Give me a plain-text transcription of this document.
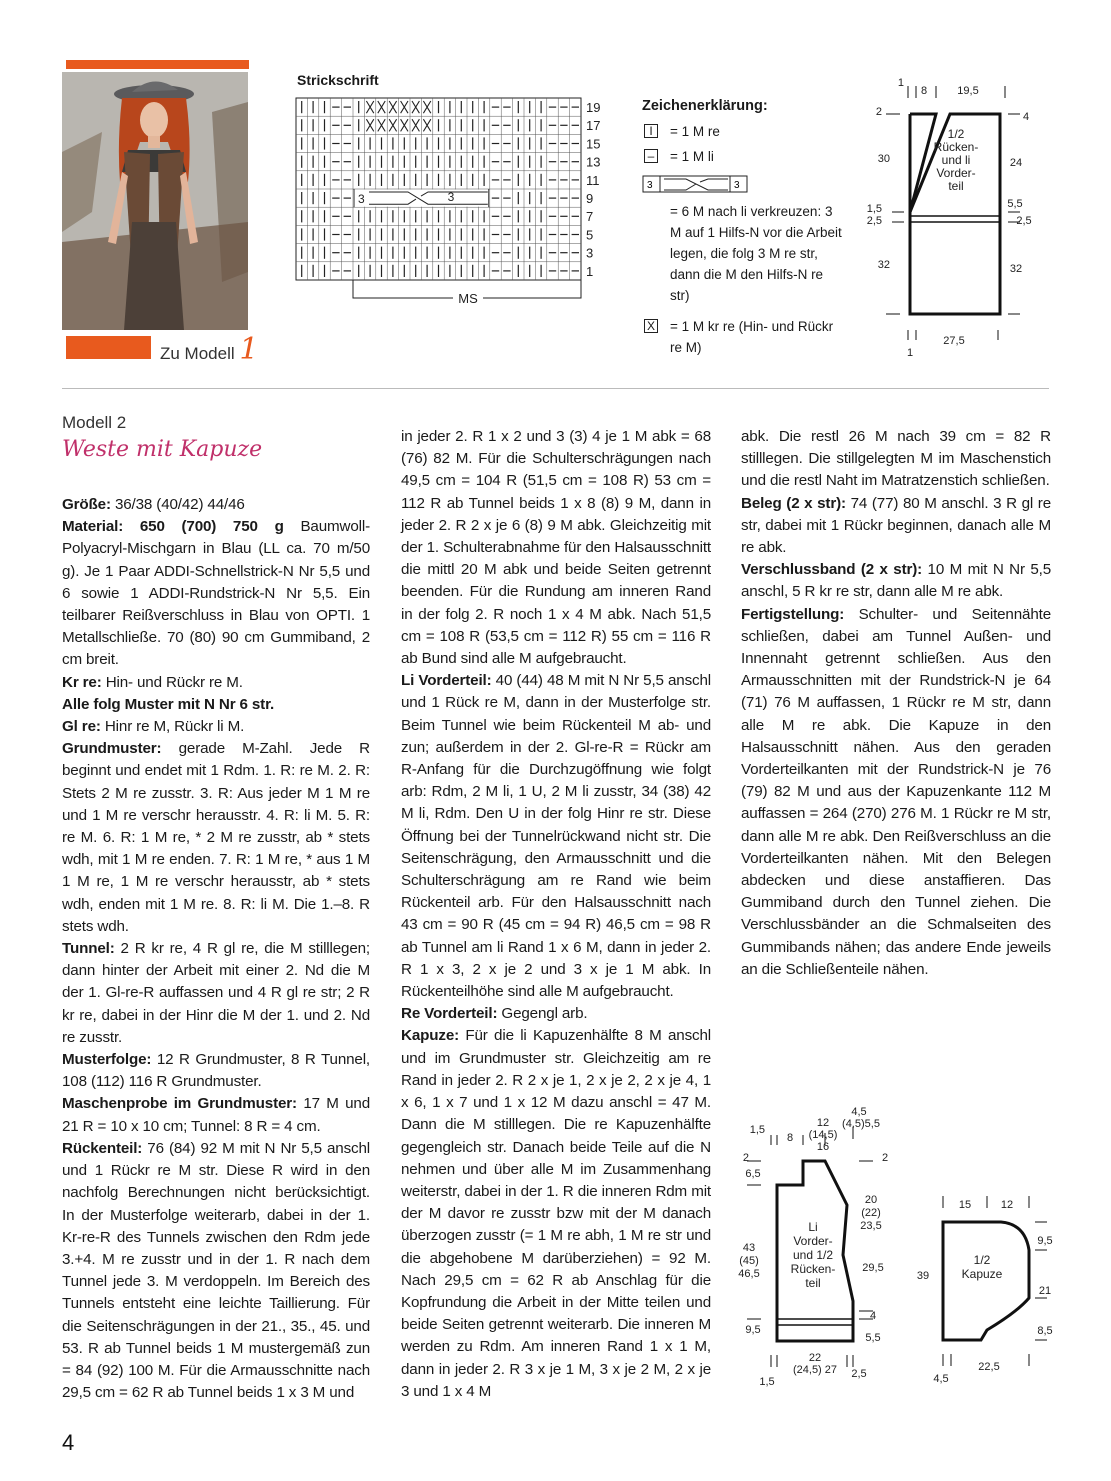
Zu Modell 1
Strickschrift
3	3
19
17
15
13
11
9
7
5
3
1
MS
Zeichenerklärung:
I	= 1 M re
– = 1 M li
3	3
= 6 M nach li verkreuzen: 3 M auf 1 Hilfs-N vor die Arbeit legen, die folg 3 M re str, dann die M den Hilfs-N re str)
X = 1 M kr re (Hin- und Rückr re M)
1
8	19,5
2	4
30	24
1,5
2,5
5,5
2,5
32	32
1
27,5
1/2
Rücken-
und li
Vorder-
teil
Modell 2
Weste mit Kapuze

Größe: 36/38 (40/42) 44/46

Material: 650 (700) 750 g Baumwoll-Polyacryl-Mischgarn in Blau (LL ca. 70 m/50 g). Je 1 Paar ADDI-Schnellstrick-N Nr 5,5 und 6 sowie 1 ADDI-Rundstrick-N Nr 5,5. Ein teilbarer Reißverschluss in Blau von OPTI. 1 Metallschließe. 70 (80) 90 cm Gummiband, 2 cm breit.

Kr re: Hin- und Rückr re M.

Alle folg Muster mit N Nr 6 str.

Gl re: Hinr re M, Rückr li M.

Grundmuster: gerade M-Zahl. Jede R beginnt und endet mit 1 Rdm. 1. R: re M. 2. R: Stets 2 M re zusstr. 3. R: Aus jeder M 1 M re und 1 M re verschr herausstr. 4. R: li M. 5. R: re M. 6. R: 1 M re, * 2 M re zusstr, ab * stets wdh, mit 1 M re enden. 7. R: 1 M re, * aus 1 M 1 M re, 1 M re verschr herausstr, ab * stets wdh, enden mit 1 M re. 8. R: li M. Die 1.–8. R stets wdh.

Tunnel: 2 R kr re, 4 R gl re, die M stilllegen; dann hinter der Arbeit mit einer 2. Nd die M der 1. Gl-re-R auffassen und 4 R gl re str; 2 R kr re, dabei in der Hinr die M der 1. und 2. Nd re zusstr.

Musterfolge: 12 R Grundmuster, 8 R Tunnel, 108 (112) 116 R Grundmuster.

Maschenprobe im Grundmuster: 17 M und 21 R = 10 x 10 cm; Tunnel: 8 R = 4 cm.

Rückenteil: 76 (84) 92 M mit N Nr 5,5 anschl und 1 Rückr re M str. Diese R wird in den nachfolg Berechnungen nicht berücksichtigt. In der Musterfolge weiterarb, dabei in der 1. Kr-re-R des Tunnels zwischen den Rdm jede 3.+4. M re zusstr und in der 1. R nach dem Tunnel jede 3. M verdoppeln. Im Bereich des Tunnels entsteht eine leichte Taillierung. Für die Seitenschrägungen in der 21., 35., 45. und 53. R ab Tunnel beids 1 M mustergemäß zun = 84 (92) 100 M. Für die Armausschnitte nach 29,5 cm = 62 R ab Tunnel beids 1 x 3 M und

in jeder 2. R 1 x 2 und 3 (3) 4 je 1 M abk = 68 (76) 82 M. Für die Schulterschrägungen nach 49,5 cm = 104 R (51,5 cm = 108 R) 53 cm = 112 R ab Tunnel beids 1 x 8 (8) 9 M, dann in jeder 2. R 2 x je 6 (8) 9 M abk. Gleichzeitig mit der 1. Schulterabnahme für den Halsausschnitt die mittl 20 M abk und beide Seiten getrennt beenden. Für die Rundung am inneren Rand in der folg 2. R noch 1 x 4 M abk. Nach 51,5 cm = 108 R (53,5 cm = 112 R) 55 cm = 116 R ab Bund sind alle M aufgebraucht.

Li Vorderteil: 40 (44) 48 M mit N Nr 5,5 anschl und 1 Rück re M, dann in der Musterfolge str. Beim Tunnel wie beim Rückenteil M ab- und zun; außerdem in der 2. Gl-re-R = Rückr am R-Anfang für die Durchzugöffnung wie folgt arb: Rdm, 2 M li, 1 U, 2 M li zusstr, 34 (38) 42 M li, Rdm. Den U in der folg Hinr re str. Diese Öffnung bei der Tunnelrückwand nicht str. Die Seitenschrägung, den Armausschnitt und die Schulterschrägung am re Rand wie beim Rückenteil arb. Für den Halsausschnitt nach 43 cm = 90 R (45 cm = 94 R) 46,5 cm = 98 R ab Tunnel am li Rand 1 x 6 M, dann in jeder 2. R 1 x 3, 2 x je 2 und 3 x je 1 M abk. In Rückenteilhöhe sind alle M aufgebraucht.

Re Vorderteil: Gegengl arb.

Kapuze: Für die li Kapuzenhälfte 8 M anschl und im Grundmuster str. Gleichzeitig am re Rand in jeder 2. R 2 x je 1, 2 x je 2, 2 x je 4, 1 x 6, 1 x 7 und 1 x 12 M dazu anschl = 47 M. Dann die M stilllegen. Die re Kapuzenhälfte gegengleich str. Danach beide Teile auf die N nehmen und über alle M im Zusammenhang weiterstr, dabei in der 1. R die inneren Rdm mit der M davor re zusstr bzw mit der M danach überzogen zusstr (= 1 M re abh, 1 M re str und die abgehobene M darüberziehen) = 92 M. Nach 29,5 cm = 62 R ab Anschlag für die Kopfrundung die Arbeit in der Mitte teilen und beide Seiten getrennt weiterarb. Die inneren M werden zu Rdm. Am inneren Rand 1 x 1 M, dann in jeder 2. R 3 x je 1 M, 3 x je 2 M, 2 x je 3 und 1 x 4 M

abk. Die restl 26 M nach 39 cm = 82 R stilllegen. Die stillgelegten M im Maschenstich und die restl Naht im Matratzenstich schließen.

Beleg (2 x str): 74 (77) 80 M anschl. 3 R gl re str, dabei mit 1 Rückr beginnen, danach alle M re abk.

Verschlussband (2 x str): 10 M mit N Nr 5,5 anschl, 5 R kr re str, dann alle M re abk.

Fertigstellung: Schulter- und Seitennähte schließen, dabei am Tunnel Außen- und Innennaht getrennt schließen. Aus den Armausschnitten mit der Rundstrick-N je 64 (71) 76 M auffassen, 1 Rückr re M str, dann alle M re abk. Die Kapuze in den Halsausschnitt nähen. Aus den geraden Vorderteilkanten mit der Rundstrick-N je 76 (79) 82 M und aus der Kapuzenkante 112 M auffassen = 264 (270) 276 M. 1 Rückr re M str, dann alle M re abk. Den Reißverschluss an die Vorderteilkanten nähen. Mit den Belegen abdecken und diese anstaffieren. Das Gummiband durch den Tunnel ziehen. Die Verschlussbänder an die Schmalseiten des Gummibands nähen; das andere Ende jeweils an die Schließenteile nähen.

4,5
(4,5)5,5
12
(14,5)
16
1,5
8
2	2
6,5
20
(22)
23,5
43
(45)
46,5	29,5
4
5,5
9,5
22
(24,5) 27
1,5
2,5
Li
Vorder-
und 1/2
Rücken-
teil
15	12
9,5
39
21
8,5
4,5
22,5
1/2
Kapuze
4
